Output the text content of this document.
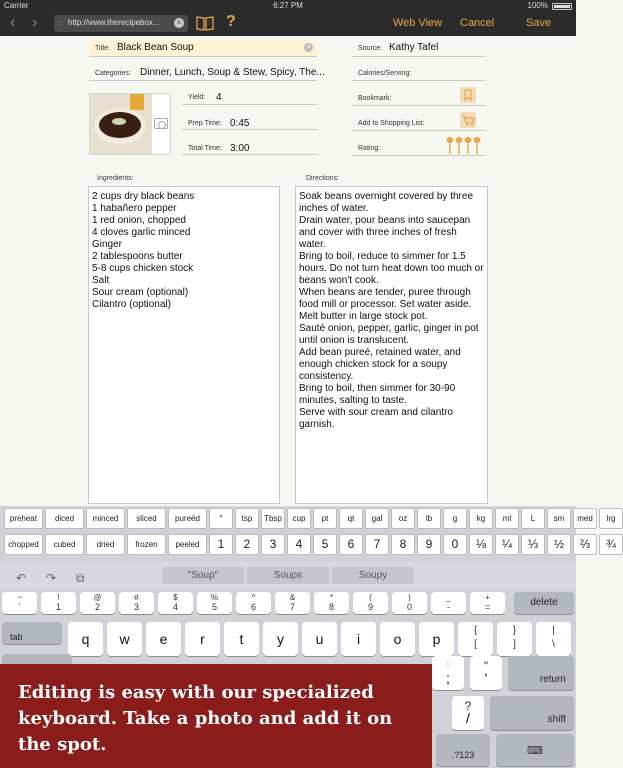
Carrier	6:27 PM	100%
‹ › ◌ http://www.therecipebox...	×	?	Web View Cancel	Save
Title: Black Bean Soup	×
Categories: Dinner, Lunch, Soup & Stew, Spicy, The...
Yield: 4
Prep Time: 0:45
Total Time: 3:00
Source: Kathy Tafel
Calories/Serving:
Bookmark:
Add to Shopping List:
Rating:
Ingredients:
2 cups dry black beans
1 habañero pepper
1 red onion, chopped
4 cloves garlic minced
Ginger
2 tablespoons butter
5-8 cups chicken stock
Salt
Sour cream (optional)
Cilantro (optional)
Directions:
Soak beans overnight covered by three inches of water.
Drain water, pour beans into saucepan and cover with three inches of fresh water.
Bring to boil, reduce to simmer for 1.5 hours. Do not turn heat down too much or beans won't cook.
When beans are tender, puree through food mill or processor. Set water aside.
Melt butter in large stock pot.
Sauté onion, pepper, garlic, ginger in pot until onion is translucent.
Add bean pureé, retained water, and enough chicken stock for a soupy consistency.
Bring to boil, then simmer for 30-90 minutes, salting to taste.
Serve with sour cream and cilantro garnish.
preheat	diced	minced	sliced	pureéd	°	tsp	Tbsp	cup	pt	qt	gal	oz	lb	g	kg	ml	L	sm	med	lrg
chopped	cubed	dried	frozen	peeled	1	2	3	4	5	6	7	8	9	0	⅛	¼	⅓	½	⅔	¾
↶ ↷ ⧉	"Soup"	Soups	Soupy
~
`
!
1
@
2
#
3
$
4
%
5
^
6
&
7
*
8
(
9
)
0
_
-
+
=	delete
tab	q	w	e	r	t	y	u	i	o	p
{
[
}
]
|
\
:
;
"
'	return
?
/	shift
.?123	⌨
Editing is easy with our specialized keyboard. Take a photo and add it on the spot.
